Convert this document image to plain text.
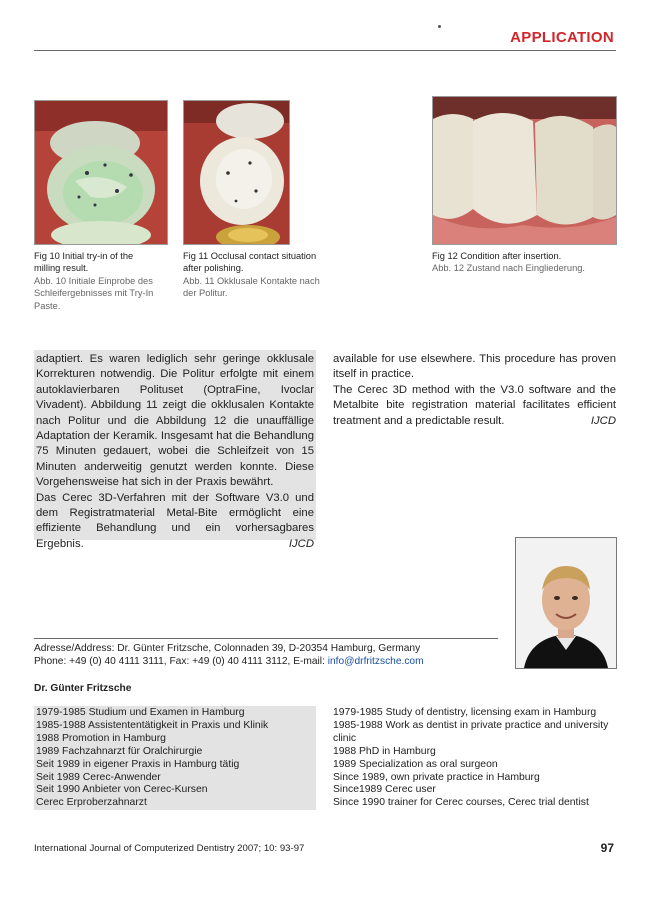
APPLICATION
Fig 10 Initial try-in of the milling result.
Abb. 10 Initiale Einprobe des Schleifergebnisses mit Try-In Paste.
Fig 11 Occlusal contact situation after polishing.
Abb. 11 Okklusale Kontakte nach der Politur.
Fig 12 Condition after insertion.
Abb. 12 Zustand nach Eingliederung.

adaptiert. Es waren lediglich sehr geringe okklusale Korrekturen notwendig. Die Politur erfolgte mit einem autoklavierbaren Polituset (OptraFine, Ivoclar Vivadent). Abbildung 11 zeigt die okklusalen Kontakte nach Politur und die Abbildung 12 die unauffällige Adaptation der Keramik. Insgesamt hat die Behandlung 75 Minuten gedauert, wobei die Schleifzeit von 15 Minuten anderweitig genutzt werden konnte. Diese Vorgehensweise hat sich in der Praxis bewährt.

Das Cerec 3D-Verfahren mit der Software V3.0 und dem Registratmaterial Metal-Bite ermöglicht eine effiziente Behandlung und ein vorhersagbares Ergebnis.	IJCD

available for use elsewhere. This procedure has proven itself in practice.

The Cerec 3D method with the V3.0 software and the Metalbite bite registration material facilitates efficient treatment and a predictable result.	IJCD

Adresse/Address: Dr. Günter Fritzsche, Colonnaden 39, D-20354 Hamburg, Germany
Phone: +49 (0) 40 4111 3111, Fax: +49 (0) 40 4111 3112, E-mail: info@drfritzsche.com
Dr. Günter Fritzsche
1979-1985 Studium und Examen in Hamburg
1985-1988 Assistententätigkeit in Praxis und Klinik
1988 Promotion in Hamburg
1989 Fachzahnarzt für Oralchirurgie
Seit 1989 in eigener Praxis in Hamburg tätig
Seit 1989 Cerec-Anwender
Seit 1990 Anbieter von Cerec-Kursen
Cerec Erproberzahnarzt
1979-1985 Study of dentistry, licensing exam in Hamburg
1985-1988 Work as dentist in private practice and university clinic
1988 PhD in Hamburg
1989 Specialization as oral surgeon
Since 1989, own private practice in Hamburg
Since1989 Cerec user
Since 1990 trainer for Cerec courses, Cerec trial dentist
International Journal of Computerized Dentistry 2007; 10: 93-97	97
